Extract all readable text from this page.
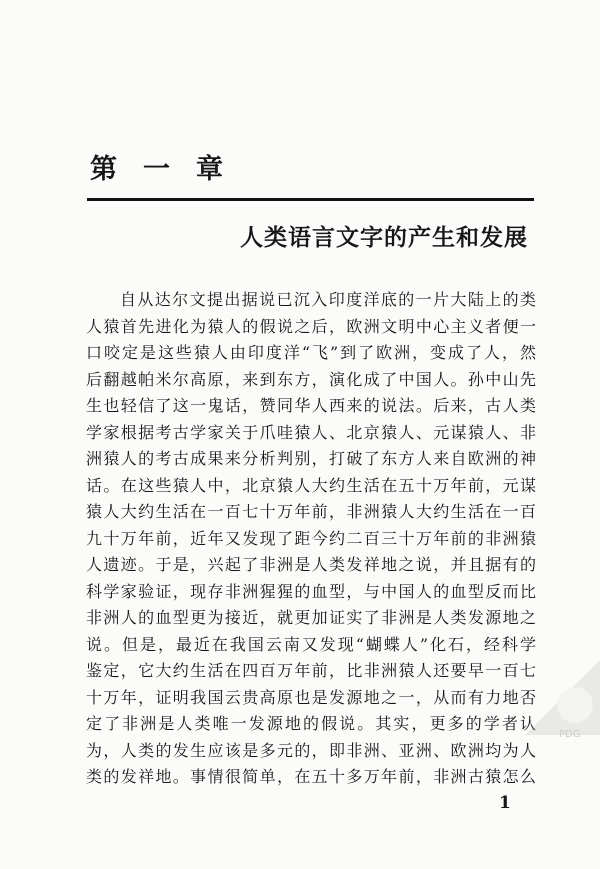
第 一 章
人类语言文字的产生和发展
自从达尔文提出据说已沉入印度洋底的一片大陆上的类
人猿首先进化为猿人的假说之后，欧洲文明中心主义者便一
口咬定是这些猿人由印度洋“飞”到了欧洲，变成了人，然
后翻越帕米尔高原，来到东方，演化成了中国人。孙中山先
生也轻信了这一鬼话，赞同华人西来的说法。后来，古人类
学家根据考古学家关于爪哇猿人、北京猿人、元谋猿人、非
洲猿人的考古成果来分析判别，打破了东方人来自欧洲的神
话。在这些猿人中，北京猿人大约生活在五十万年前，元谋
猿人大约生活在一百七十万年前，非洲猿人大约生活在一百
九十万年前，近年又发现了距今约二百三十万年前的非洲猿
人遗迹。于是，兴起了非洲是人类发祥地之说，并且据有的
科学家验证，现存非洲猩猩的血型，与中国人的血型反而比
非洲人的血型更为接近，就更加证实了非洲是人类发源地之
说。但是，最近在我国云南又发现“蝴蝶人”化石，经科学
鉴定，它大约生活在四百万年前，比非洲猿人还要早一百七
十万年，证明我国云贵高原也是发源地之一，从而有力地否
定了非洲是人类唯一发源地的假说。其实，更多的学者认
为，人类的发生应该是多元的，即非洲、亚洲、欧洲均为人
类的发祥地。事情很简单，在五十多万年前，非洲古猿怎么
1
PDG
